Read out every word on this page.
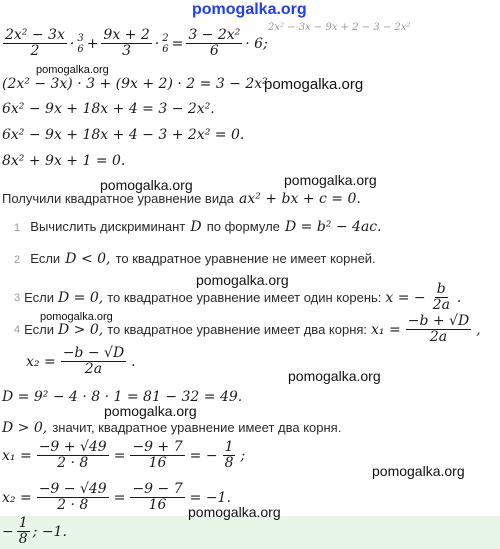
pomogalka.org
$\frac{\text{2x² − 3x}}{2} \cdot 3$
$6 + \frac{9x + 2}{3} \cdot 2$
$6 = \frac{\text{3 − 2x²}}{6} \cdot 6$;
2x² − 3x − 9x + 2 − 3 − 2x²
pomogalka.org
(2x² − 3x) · 3 + (9x + 2) · 2 = 3 − 2x²
pomogalka.org
6x² − 9x + 18x + 4 = 3 − 2x².
6x² − 9x + 18x + 4 − 3 + 2x² = 0.
8x² + 9x + 1 = 0.
pomogalka.org	pomogalka.org
Получили квадратное уравнение вида ax² + bx + c = 0.
1 Вычислить дискриминант D по формуле D = b² − 4ac.
2 Если D < 0, то квадратное уравнение не имеет корней.
pomogalka.org
3 Если D = 0, то квадратное уравнение имеет один корень: x = − $\frac{b}{2a}$ .
pomogalka.org
4 Если D > 0, то квадратное уравнение имеет два корня: $x_1 = \frac{-b + √D}{2a}$ ,
$x_2 = \frac{-b - √D}{2a}$ .
pomogalka.org
D = 9² − 4 · 8 · 1 = 81 − 32 = 49.
pomogalka.org
D > 0, значит, квадратное уравнение имеет два корня.
$x_1 = \frac{-9 + √49}{2 \cdot 8} = \frac{-9 + 7}{16}$ = − $\frac{1}{8}$ ;
pomogalka.org
$x_2 = \frac{-9 - √49}{2 \cdot 8} = \frac{-9 - 7}{16} = -1$.
pomogalka.org
− $\frac{1}{8}$ ; −1.
